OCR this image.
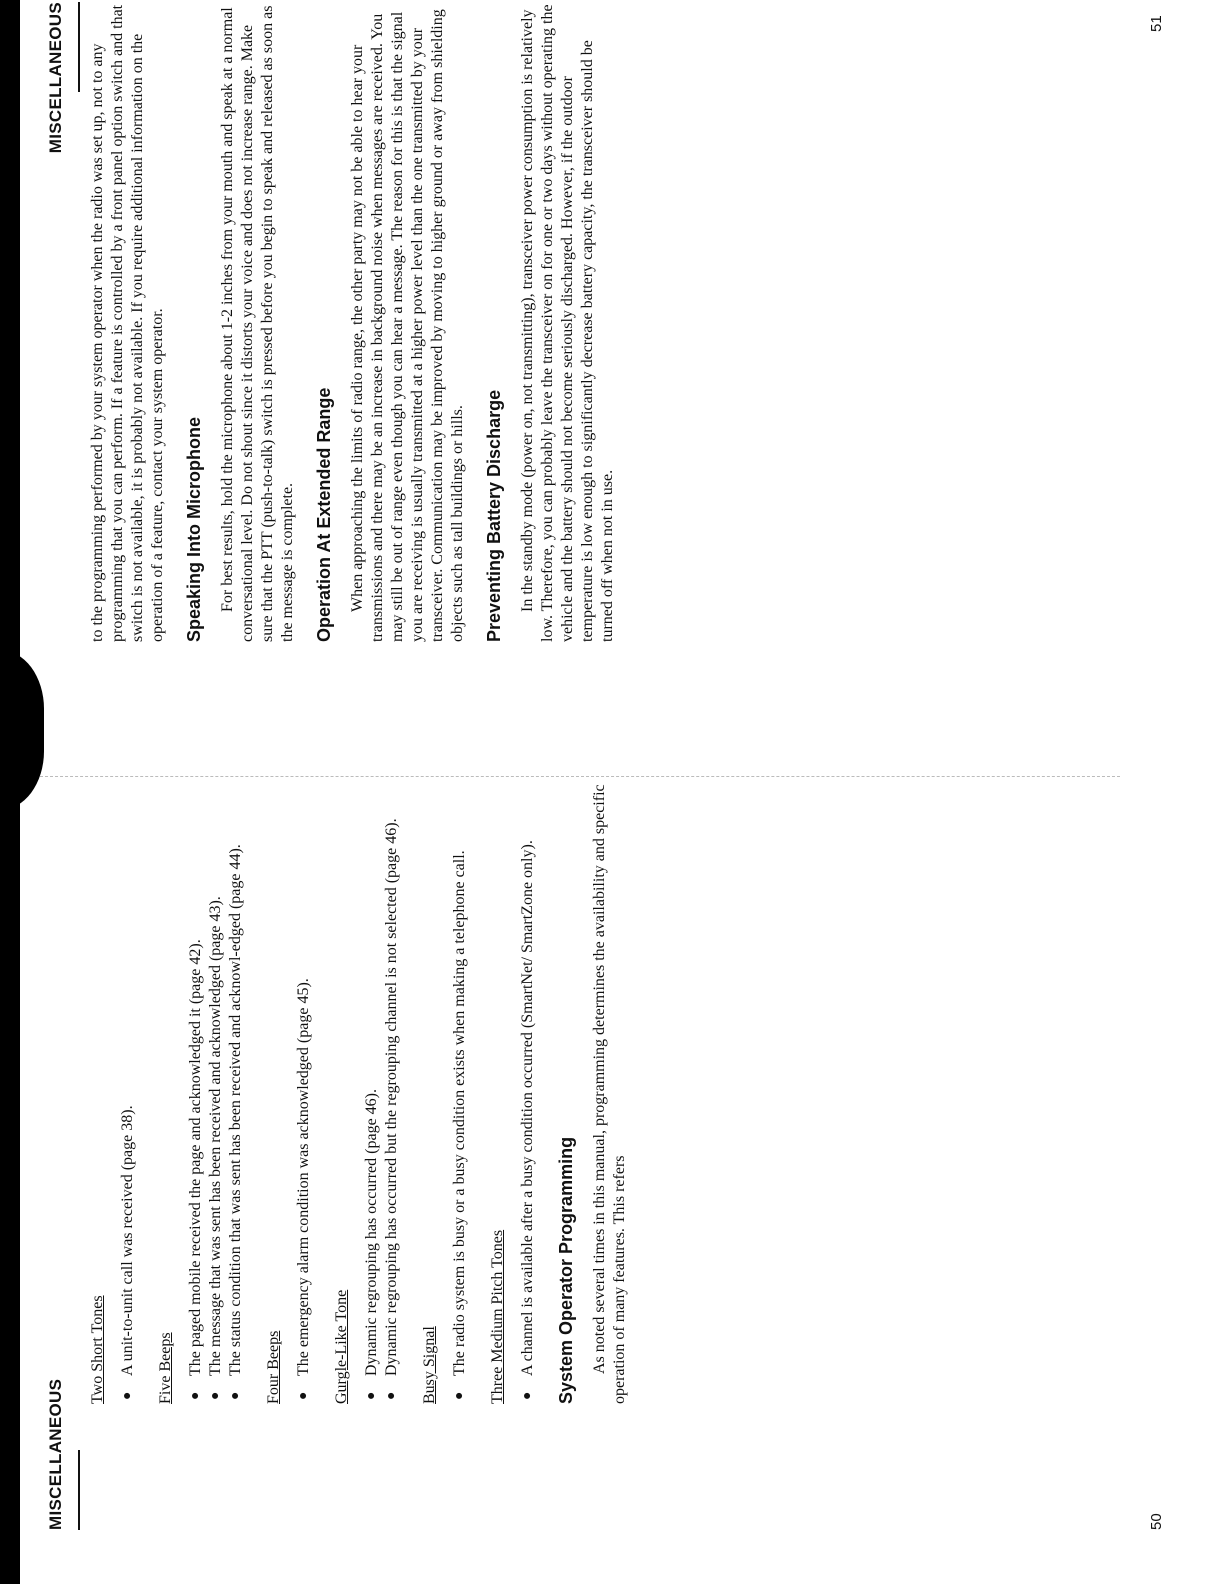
MISCELLANEOUS

Two Short Tones ●
A unit-to-unit call was received (page 38). Five Beeps ●
The paged mobile received the page and acknowledged it (page 42).
●
The message that was sent has been received and acknowledged (page 43).
●
The status condition that was sent has been received and acknowl-edged (page 44). Four Beeps ●
The emergency alarm condition was acknowledged (page 45). Gurgle-Like Tone ●
Dynamic regrouping has occurred (page 46).
●
Dynamic regrouping has occurred but the regrouping channel is not selected (page 46). Busy Signal ●
The radio system is busy or a busy condition exists when making a telephone call. Three Medium Pitch Tones ●
A channel is available after a busy condition occurred (SmartNet/ SmartZone only). System Operator Programming As noted several times in this manual, programming determines the availability and specific operation of many features. This refers

50
MISCELLANEOUS to the programming performed by your system operator when the radio was set up, not to any programming that you can perform. If a feature is controlled by a front panel option switch and that switch is not available, it is probably not available. If you require additional information on the operation of a feature, contact your system operator. Speaking Into Microphone For best results, hold the microphone about 1-2 inches from your mouth and speak at a normal conversational level. Do not shout since it distorts your voice and does not increase range. Make sure that the PTT (push-to-talk) switch is pressed before you begin to speak and released as soon as the message is complete. Operation At Extended Range When approaching the limits of radio range, the other party may not be able to hear your transmissions and there may be an increase in background noise when messages are received. You may still be out of range even though you can hear a message. The reason for this is that the signal you are receiving is usually transmitted at a higher power level than the one transmitted by your transceiver. Communication may be improved by moving to higher ground or away from shielding objects such as tall buildings or hills. Preventing Battery Discharge In the standby mode (power on, not transmitting), transceiver power consumption is relatively low. Therefore, you can probably leave the transceiver on for one or two days without operating the vehicle and the battery should not become seriously discharged. However, if the outdoor temperature is low enough to significantly decrease battery capacity, the transceiver should be turned off when not in use.

51
